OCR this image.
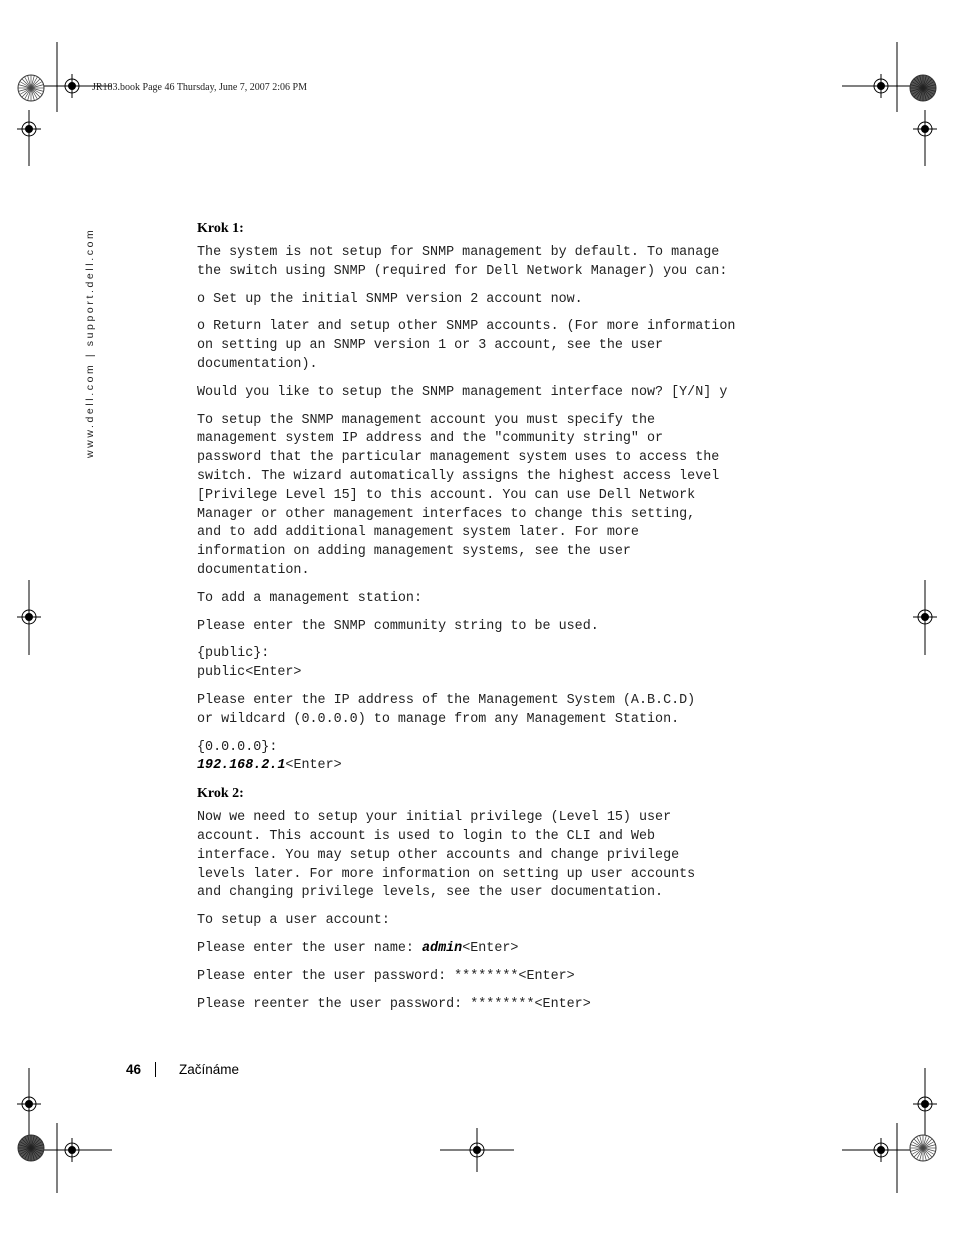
JR183.book Page 46 Thursday, June 7, 2007 2:06 PM
www.dell.com | support.dell.com	Krok 1:
The system is not setup for SNMP management by default. To manage
the switch using SNMP (required for Dell Network Manager) you can:
o Set up the initial SNMP version 2 account now.
o Return later and setup other SNMP accounts. (For more information
on setting up an SNMP version 1 or 3 account, see the user
documentation).
Would you like to setup the SNMP management interface now? [Y/N] y
To setup the SNMP management account you must specify the
management system IP address and the "community string" or
password that the particular management system uses to access the
switch. The wizard automatically assigns the highest access level
[Privilege Level 15] to this account. You can use Dell Network
Manager or other management interfaces to change this setting,
and to add additional management system later. For more
information on adding management systems, see the user
documentation.
To add a management station:
Please enter the SNMP community string to be used.
{public}:
public<Enter>
Please enter the IP address of the Management System (A.B.C.D)
or wildcard (0.0.0.0) to manage from any Management Station.
{0.0.0.0}:
192.168.2.1<Enter>
Krok 2:
Now we need to setup your initial privilege (Level 15) user
account. This account is used to login to the CLI and Web
interface. You may setup other accounts and change privilege
levels later. For more information on setting up user accounts
and changing privilege levels, see the user documentation.
To setup a user account:
Please enter the user name: admin<Enter>
Please enter the user password: ********<Enter>
Please reenter the user password: ********<Enter>
46	Začínáme
